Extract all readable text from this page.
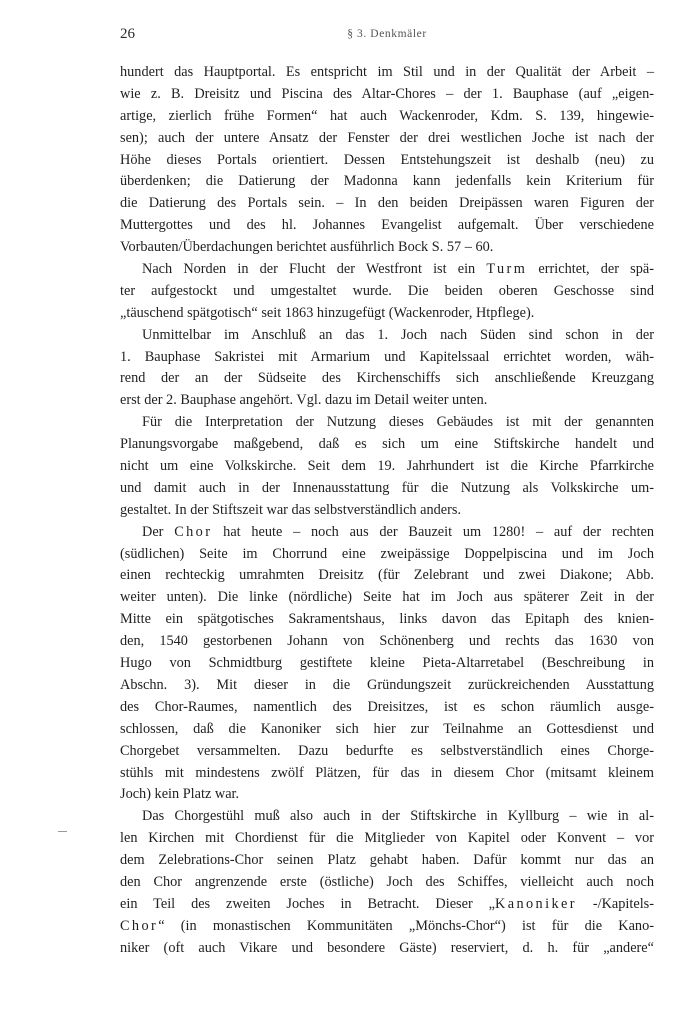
26	§ 3. Denkmäler
hundert das Hauptportal. Es entspricht im Stil und in der Qualität der Arbeit –
wie z. B. Dreisitz und Piscina des Altar-Chores – der 1. Bauphase (auf „eigen-
artige, zierlich frühe Formen“ hat auch Wackenroder, Kdm. S. 139, hingewie-
sen); auch der untere Ansatz der Fenster der drei westlichen Joche ist nach der
Höhe dieses Portals orientiert. Dessen Entstehungszeit ist deshalb (neu) zu
überdenken; die Datierung der Madonna kann jedenfalls kein Kriterium für
die Datierung des Portals sein. – In den beiden Dreipässen waren Figuren der
Muttergottes und des hl. Johannes Evangelist aufgemalt. Über verschiedene
Vorbauten/Überdachungen berichtet ausführlich Bock S. 57 – 60.
Nach Norden in der Flucht der Westfront ist ein Turm errichtet, der spä-
ter aufgestockt und umgestaltet wurde. Die beiden oberen Geschosse sind
„täuschend spätgotisch“ seit 1863 hinzugefügt (Wackenroder, Htpflege).
Unmittelbar im Anschluß an das 1. Joch nach Süden sind schon in der
1. Bauphase Sakristei mit Armarium und Kapitelssaal errichtet worden, wäh-
rend der an der Südseite des Kirchenschiffs sich anschließende Kreuzgang
erst der 2. Bauphase angehört. Vgl. dazu im Detail weiter unten.
Für die Interpretation der Nutzung dieses Gebäudes ist mit der genannten
Planungsvorgabe maßgebend, daß es sich um eine Stiftskirche handelt und
nicht um eine Volkskirche. Seit dem 19. Jahrhundert ist die Kirche Pfarrkirche
und damit auch in der Innenausstattung für die Nutzung als Volkskirche um-
gestaltet. In der Stiftszeit war das selbstverständlich anders.
Der Chor hat heute – noch aus der Bauzeit um 1280! – auf der rechten
(südlichen) Seite im Chorrund eine zweipässige Doppelpiscina und im Joch
einen rechteckig umrahmten Dreisitz (für Zelebrant und zwei Diakone; Abb.
weiter unten). Die linke (nördliche) Seite hat im Joch aus späterer Zeit in der
Mitte ein spätgotisches Sakramentshaus, links davon das Epitaph des knien-
den, 1540 gestorbenen Johann von Schönenberg und rechts das 1630 von
Hugo von Schmidtburg gestiftete kleine Pieta-Altarretabel (Beschreibung in
Abschn. 3). Mit dieser in die Gründungszeit zurückreichenden Ausstattung
des Chor-Raumes, namentlich des Dreisitzes, ist es schon räumlich ausge-
schlossen, daß die Kanoniker sich hier zur Teilnahme an Gottesdienst und
Chorgebet versammelten. Dazu bedurfte es selbstverständlich eines Chorge-
stühls mit mindestens zwölf Plätzen, für das in diesem Chor (mitsamt kleinem
Joch) kein Platz war.
Das Chorgestühl muß also auch in der Stiftskirche in Kyllburg – wie in al-
len Kirchen mit Chordienst für die Mitglieder von Kapitel oder Konvent – vor
dem Zelebrations-Chor seinen Platz gehabt haben. Dafür kommt nur das an
den Chor angrenzende erste (östliche) Joch des Schiffes, vielleicht auch noch
ein Teil des zweiten Joches in Betracht. Dieser „Kanoniker -/Kapitels-
Chor“ (in monastischen Kommunitäten „Mönchs-Chor“) ist für die Kano-
niker (oft auch Vikare und besondere Gäste) reserviert, d. h. für „andere“
